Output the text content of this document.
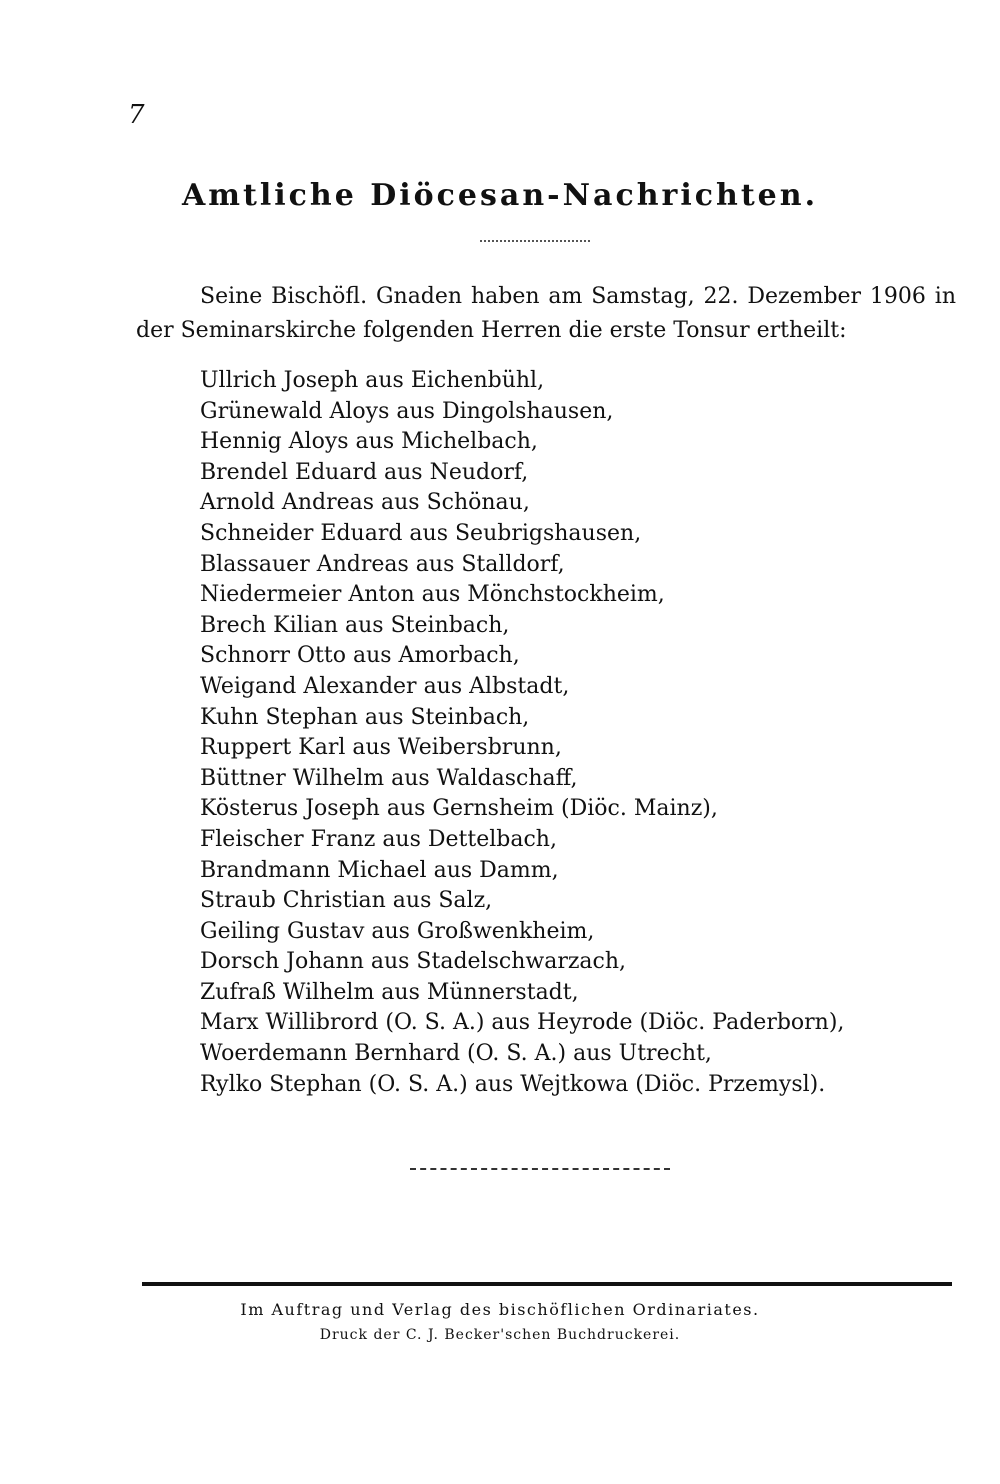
7
Amtliche Diöcesan-Nachrichten.
Seine Bischöfl. Gnaden haben am Samstag, 22. Dezember 1906 in
der Seminarskirche folgenden Herren die erste Tonsur ertheilt:
Ullrich Joseph aus Eichenbühl,
Grünewald Aloys aus Dingolshausen,
Hennig Aloys aus Michelbach,
Brendel Eduard aus Neudorf,
Arnold Andreas aus Schönau,
Schneider Eduard aus Seubrigshausen,
Blassauer Andreas aus Stalldorf,
Niedermeier Anton aus Mönchstockheim,
Brech Kilian aus Steinbach,
Schnorr Otto aus Amorbach,
Weigand Alexander aus Albstadt,
Kuhn Stephan aus Steinbach,
Ruppert Karl aus Weibersbrunn,
Büttner Wilhelm aus Waldaschaff,
Kösterus Joseph aus Gernsheim (Diöc. Mainz),
Fleischer Franz aus Dettelbach,
Brandmann Michael aus Damm,
Straub Christian aus Salz,
Geiling Gustav aus Großwenkheim,
Dorsch Johann aus Stadelschwarzach,
Zufraß Wilhelm aus Münnerstadt,
Marx Willibrord (O. S. A.) aus Heyrode (Diöc. Paderborn),
Woerdemann Bernhard (O. S. A.) aus Utrecht,
Rylko Stephan (O. S. A.) aus Wejtkowa (Diöc. Przemysl).
Im Auftrag und Verlag des bischöflichen Ordinariates.
Druck der C. J. Becker'schen Buchdruckerei.
